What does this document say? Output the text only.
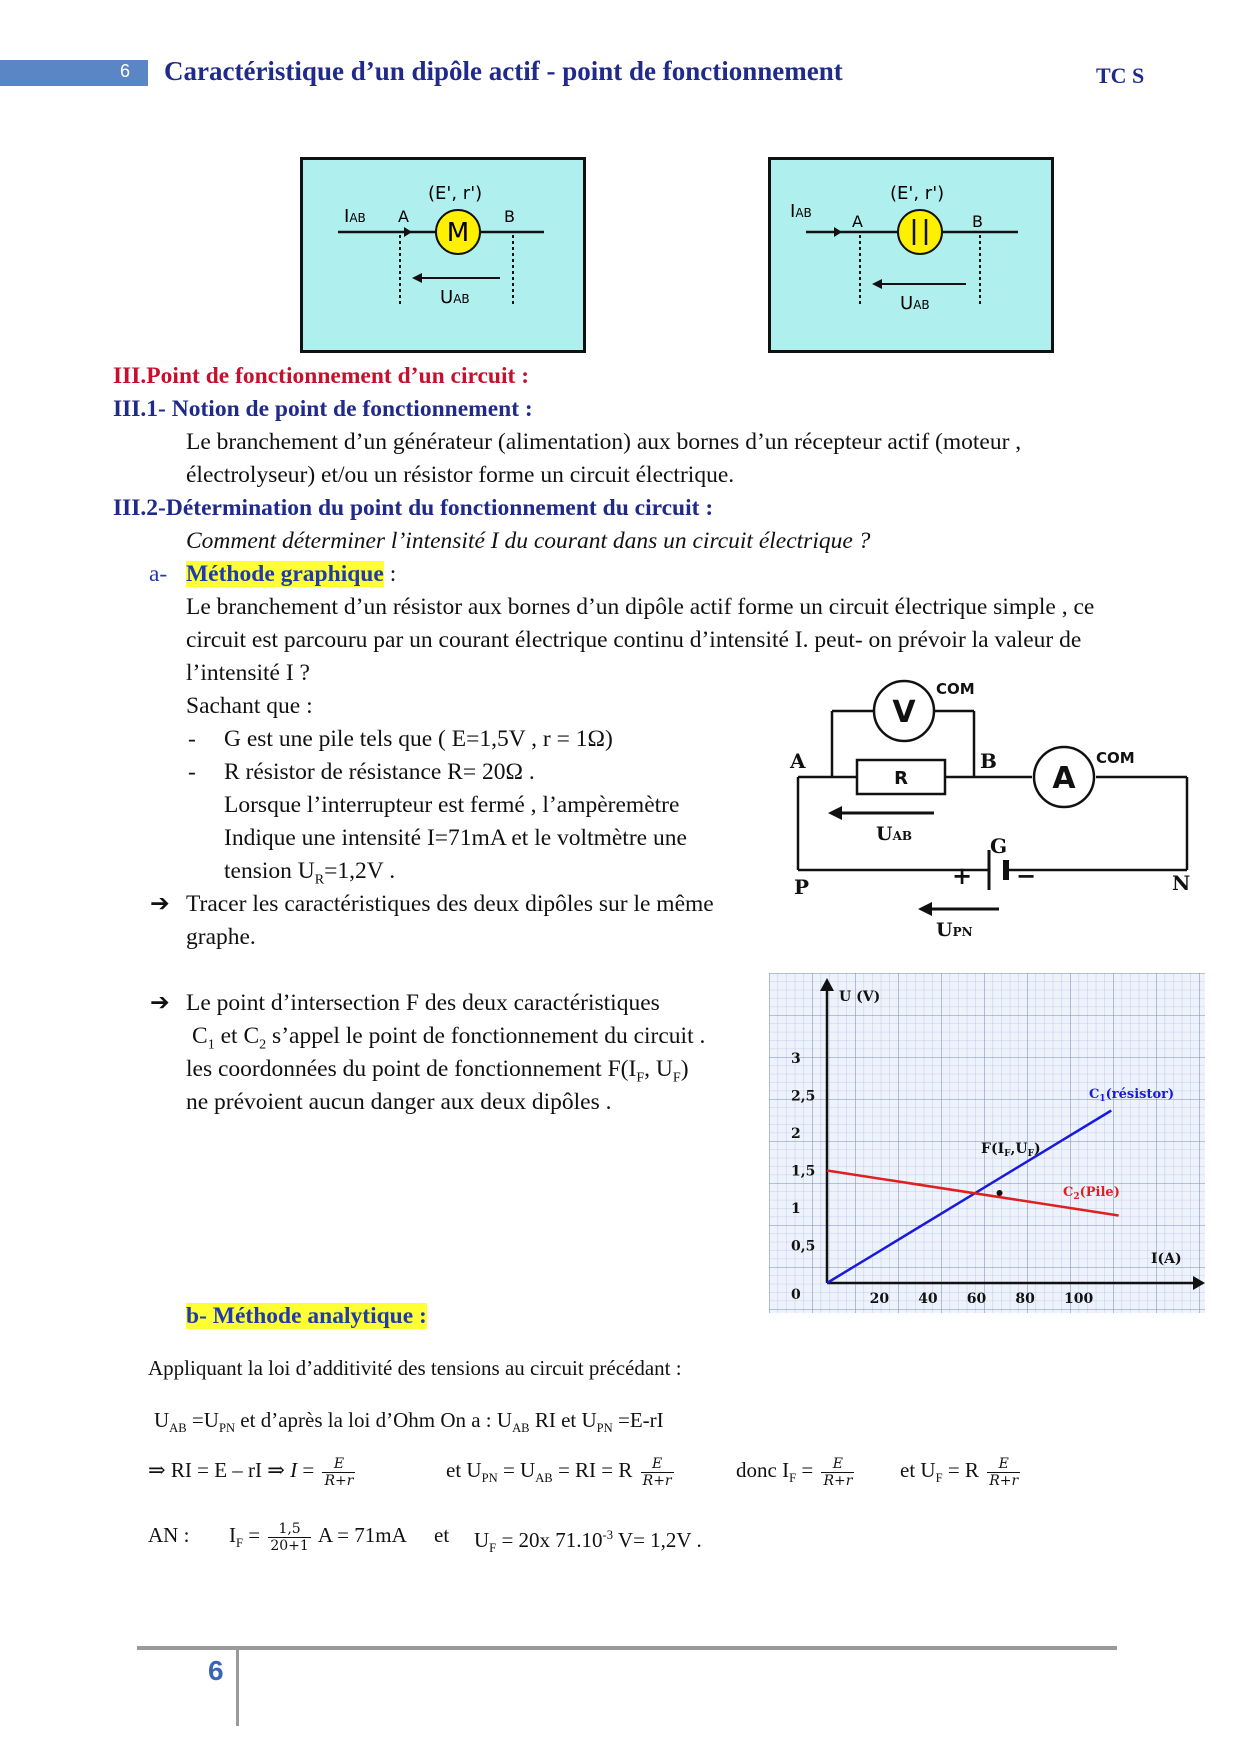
6 Caractéristique d’un dipôle actif - point de fonctionnement	TC S
IAB A	B
(E', r')
M
UAB
IAB	A	B
(E', r')
UAB
III.Point de fonctionnement d’un circuit :
III.1- Notion de point de fonctionnement :
Le branchement d’un générateur (alimentation) aux bornes d’un récepteur actif (moteur ,
électrolyseur) et/ou un résistor forme un circuit électrique.
III.2-Détermination du point du fonctionnement du circuit :
Comment déterminer l’intensité I du courant dans un circuit électrique ?
a- Méthode graphique :
Le branchement d’un résistor aux bornes d’un dipôle actif forme un circuit électrique simple , ce
circuit est parcouru par un courant électrique continu d’intensité I. peut- on prévoir la valeur de
l’intensité I ?
Sachant que :
- G est une pile tels que ( E=1,5V , r = 1Ω)
- R résistor de résistance R= 20Ω .
Lorsque l’interrupteur est fermé , l’ampèremètre
Indique une intensité I=71mA et le voltmètre une
tension $U_R=1,2V$ .
➔ Tracer les caractéristiques des deux dipôles sur le même
graphe.
➔ Le point d’intersection F des deux caractéristiques
$C_1$ et $C_2$ s’appel le point de fonctionnement du circuit .
les coordonnées du point de fonctionnement $F(I_F$, $U_F$)
ne prévoient aucun danger aux deux dipôles .
b- Méthode analytique :
V
A
R
COM
COM
A	B
P	N
G
+ −
UAB
UPN
20 40 60 80 100
0,5
1
1,5
2
2,5
3
0
I(A)
U (V)
$C_1(résistor)$
$C_2(Pile)$
$F(I_F,U_F)$
Appliquant la loi d’additivité des tensions au circuit précédant :
$U_{AB} =U_{PN}$ et d’après la loi d’Ohm On a : $U_{AB}$ RI et $U_{PN} =E-rI$
⇒ RI = E – rI ⇒ $I = \frac{E}{R+r}$	et $U_{PN} = U_{AB}$ = RI = R $\frac{E}{R+r}$	donc $I_F = \frac{E}{R+r}$ et $U_F = R \frac{E}{R+r}$
AN : $I_F = \frac{1,5}{20+1}$ A = 71mA et $U_F = 20x$ $71.10^{-3}$ V= 1,2V .
6
